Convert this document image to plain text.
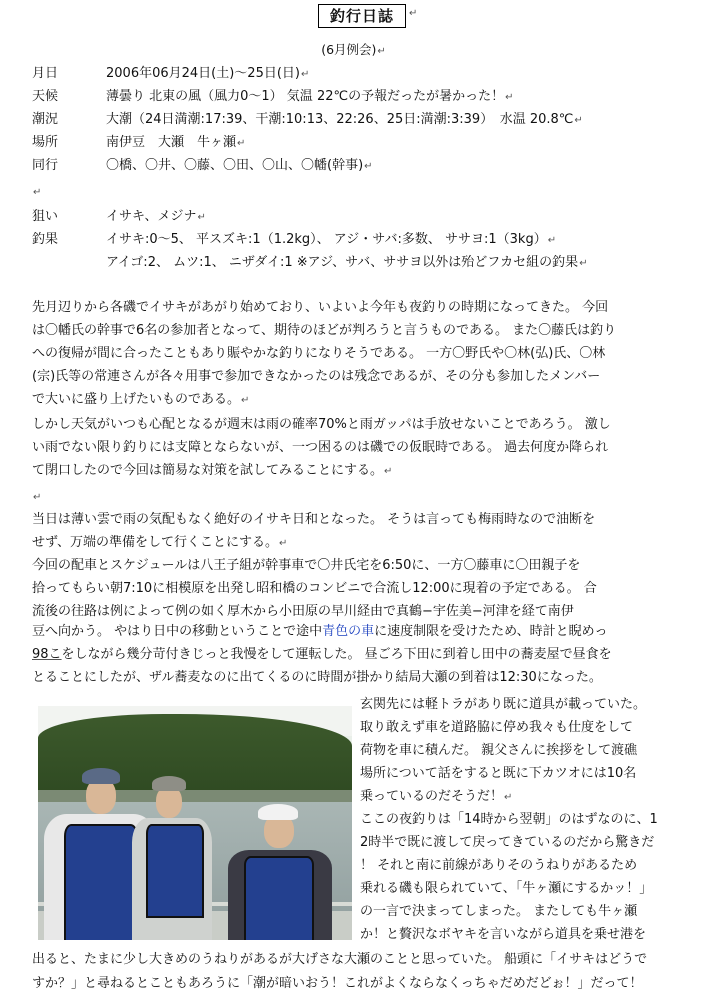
釣行日誌	↵
(6月例会)↵
月日	2006年06月24日(土)〜25日(日)↵
天候	薄曇り 北東の風（風力0〜1） 気温 22℃の予報だったが暑かった！↵
潮況	大潮（24日満潮:17:39、干潮:10:13、22:26、25日:満潮:3:39）　水温 20.8℃↵
場所	南伊豆　大瀬　牛ヶ瀬↵
同行	〇橋、〇井、〇藤、〇田、〇山、〇幡(幹事)↵
↵
狙い	イサキ、メジナ↵
釣果	イサキ:0〜5、 平スズキ:1（1.2kg）、 アジ・サバ:多数、 ササヨ:1（3kg）↵
アイゴ:2、 ムツ:1、 ニザダイ:1 ※アジ、サバ、ササヨ以外は殆どフカセ組の釣果↵
先月辺りから各磯でイサキがあがり始めており、いよいよ今年も夜釣りの時期になってきた。 今回
は〇幡氏の幹事で6名の参加者となって、期待のほどが判ろうと言うものである。 また〇藤氏は釣り
への復帰が間に合ったこともあり賑やかな釣りになりそうである。 一方〇野氏や〇林(弘)氏、〇林
(宗)氏等の常連さんが各々用事で参加できなかったのは残念であるが、その分も参加したメンバー
で大いに盛り上げたいものである。↵
しかし天気がいつも心配となるが週末は雨の確率70%と雨ガッパは手放せないことであろう。 激し
い雨でない限り釣りには支障とならないが、一つ困るのは磯での仮眠時である。 過去何度か降られ
て閉口したので今回は簡易な対策を試してみることにする。↵
↵
当日は薄い雲で雨の気配もなく絶好のイサキ日和となった。 そうは言っても梅雨時なので油断を
せず、万端の準備をして行くことにする。↵
今回の配車とスケジュールは八王子組が幹事車で〇井氏宅を6:50に、一方〇藤車に〇田親子を
拾ってもらい朝7:10に相模原を出発し昭和橋のコンビニで合流し12:00に現着の予定である。 合
流後の往路は例によって例の如く厚木から小田原の早川経由で真鶴−宇佐美−河津を経て南伊
豆へ向かう。 やはり日中の移動ということで途中青色の車に速度制限を受けたため、時計と睨めっ
98こをしながら幾分苛付きじっと我慢をして運転した。 昼ごろ下田に到着し田中の蕎麦屋で昼食を
とることにしたが、ザル蕎麦なのに出てくるのに時間が掛かり結局大瀬の到着は12:30になった。
玄関先には軽トラがあり既に道具が載っていた。
取り敢えず車を道路脇に停め我々も仕度をして
荷物を車に積んだ。 親父さんに挨拶をして渡礁
場所について話をすると既に下カツオには10名
乗っているのだそうだ！↵
ここの夜釣りは「14時から翌朝」のはずなのに、1
2時半で既に渡して戻ってきているのだから驚きだ
！ それと南に前線がありそのうねりがあるため
乗れる磯も限られていて、「牛ヶ瀬にするかッ！」
の一言で決まってしまった。 またしても牛ヶ瀬
か！と贅沢なボヤキを言いながら道具を乗せ港を
出ると、たまに少し大きめのうねりがあるが大げさな大瀬のことと思っていた。 船頭に「イサキはどうで
すか？」と尋ねるとこともあろうに「潮が暗いおう！これがよくならなくっちゃだめだどぉ！」だって！
